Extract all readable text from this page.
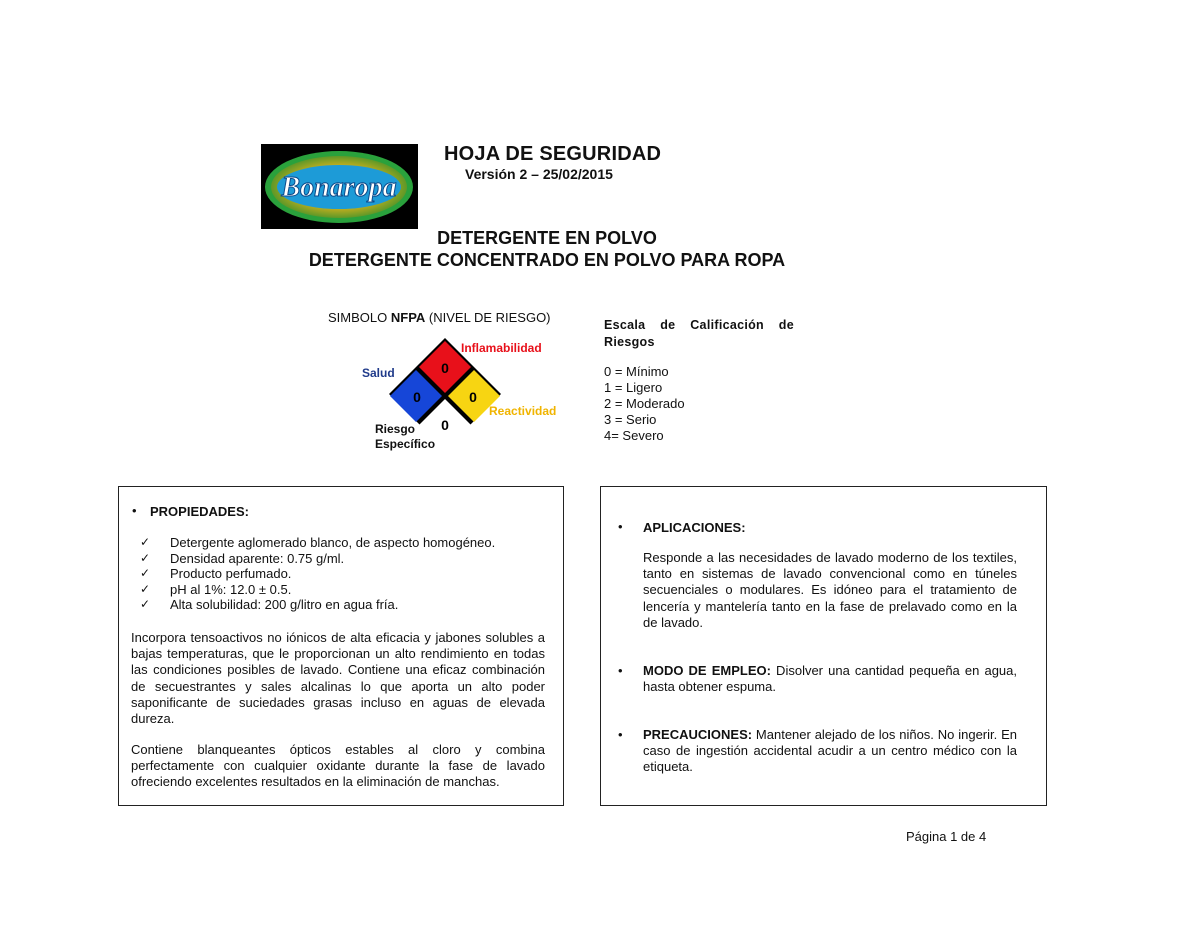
Bonaropa
HOJA DE SEGURIDAD
Versión 2 – 25/02/2015
DETERGENTE EN POLVO
DETERGENTE CONCENTRADO EN POLVO PARA ROPA
SIMBOLO NFPA (NIVEL DE RIESGO)
0
0	0
0
Inflamabilidad
Salud
Reactividad
Riesgo
Específico
Escala de Calificación de
Riesgos
0 = Mínimo
1 = Ligero
2 = Moderado
3 = Serio
4= Severo
• PROPIEDADES:
✓ Detergente aglomerado blanco, de aspecto homogéneo.
✓ Densidad aparente: 0.75 g/ml.
✓ Producto perfumado.
✓ pH al 1%: 12.0 ± 0.5.
✓ Alta solubilidad: 200 g/litro en agua fría.
Incorpora tensoactivos no iónicos de alta eficacia y jabones solubles a bajas temperaturas, que le proporcionan un alto rendimiento en todas las condiciones posibles de lavado. Contiene una eficaz combinación de secuestrantes y sales alcalinas lo que aporta un alto poder saponificante de suciedades grasas incluso en aguas de elevada dureza.
Contiene blanqueantes ópticos estables al cloro y combina perfectamente con cualquier oxidante durante la fase de lavado ofreciendo excelentes resultados en la eliminación de manchas.
• APLICACIONES:
Responde a las necesidades de lavado moderno de los textiles, tanto en sistemas de lavado convencional como en túneles secuenciales o modulares. Es idóneo para el tratamiento de lencería y mantelería tanto en la fase de prelavado como en la de lavado.
• MODO DE EMPLEO: Disolver una cantidad pequeña en agua, hasta obtener espuma.
• PRECAUCIONES: Mantener alejado de los niños. No ingerir. En caso de ingestión accidental acudir a un centro médico con la etiqueta.
Página 1 de 4
